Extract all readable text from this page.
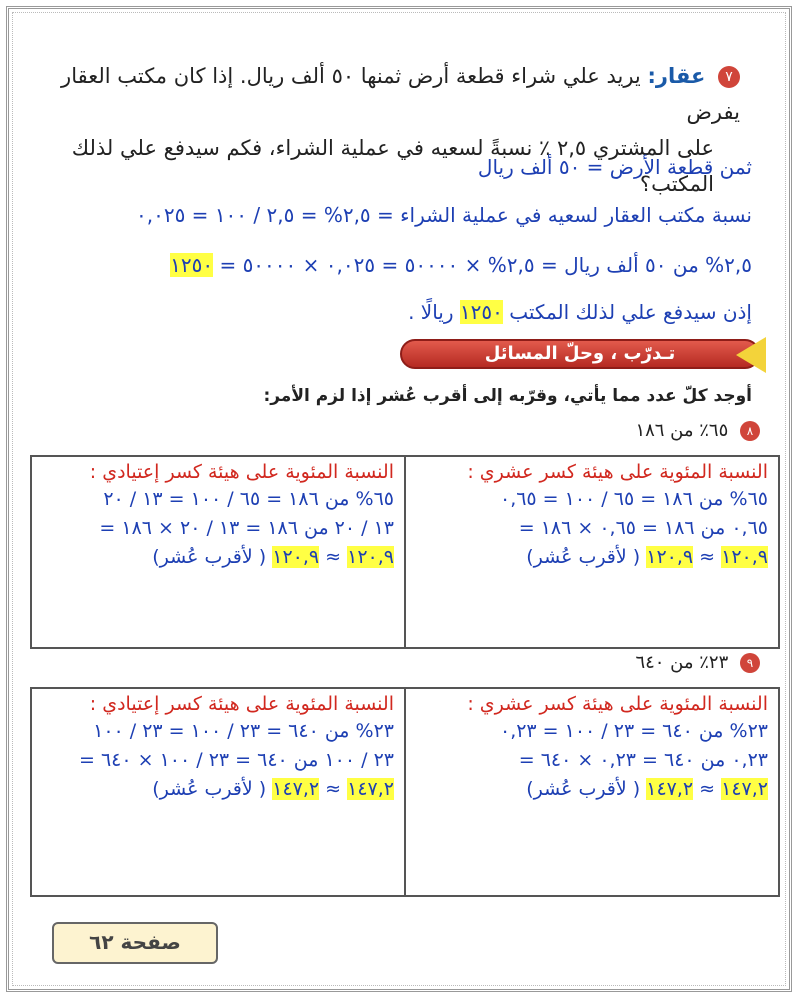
٧ عقار: يريد علي شراء قطعة أرض ثمنها ٥٠ ألف ريال. إذا كان مكتب العقار يفرض
على المشتري ٢,٥ ٪ نسبةً لسعيه في عملية الشراء، فكم سيدفع علي لذلك المكتب؟
ثمن قطعة الأرض = ٥٠ ألف ريال
نسبة مكتب العقار لسعيه في عملية الشراء = ٢,٥% = ٢,٥ / ١٠٠ = ٠,٠٢٥
٢,٥% من ٥٠ ألف ريال = ٢,٥% × ٥٠٠٠٠ = ٠,٠٢٥ × ٥٠٠٠٠ = ١٢٥٠
إذن سيدفع علي لذلك المكتب ١٢٥٠ ريالًا .
تـدرّب ، وحلّ المسائل
أوجد كلّ عدد مما يأتي، وقرّبه إلى أقرب عُشر إذا لزم الأمر:
٨ ٦٥٪ من ١٨٦
النسبة المئوية على هيئة كسر عشري :
٦٥% من ١٨٦ = ٦٥ / ١٠٠ = ٠,٦٥
٠,٦٥ من ١٨٦ = ٠,٦٥ × ١٨٦ =
١٢٠,٩ ≈ ١٢٠,٩ ( لأقرب عُشر)

النسبة المئوية على هيئة كسر إعتيادي :
٦٥% من ١٨٦ = ٦٥ / ١٠٠ = ١٣ / ٢٠
١٣ / ٢٠ من ١٨٦ = ١٣ / ٢٠ × ١٨٦ =
١٢٠,٩ ≈ ١٢٠,٩ ( لأقرب عُشر)
٩ ٢٣٪ من ٦٤٠
النسبة المئوية على هيئة كسر عشري :
٢٣% من ٦٤٠ = ٢٣ / ١٠٠ = ٠,٢٣
٠,٢٣ من ٦٤٠ = ٠,٢٣ × ٦٤٠ =
١٤٧,٢ ≈ ١٤٧,٢ ( لأقرب عُشر)

النسبة المئوية على هيئة كسر إعتيادي :
٢٣% من ٦٤٠ = ٢٣ / ١٠٠ = ٢٣ / ١٠٠
٢٣ / ١٠٠ من ٦٤٠ = ٢٣ / ١٠٠ × ٦٤٠ =
١٤٧,٢ ≈ ١٤٧,٢ ( لأقرب عُشر)
صفحة ٦٢
